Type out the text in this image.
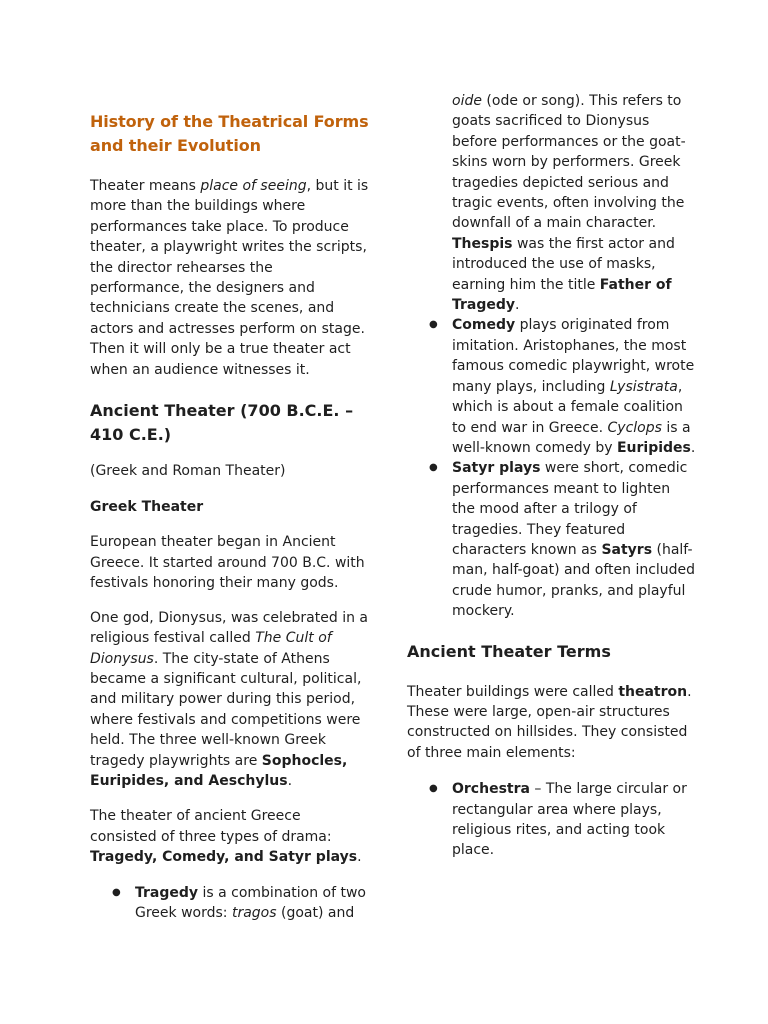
History of the Theatrical Forms
and their Evolution

Theater means place of seeing, but it is more than the buildings where performances take place. To produce theater, a playwright writes the scripts, the director rehearses the performance, the designers and technicians create the scenes, and actors and actresses perform on stage. Then it will only be a true theater act when an audience witnesses it.

Ancient Theater (700 B.C.E. – 410 C.E.)

(Greek and Roman Theater)

Greek Theater

European theater began in Ancient Greece. It started around 700 B.C. with festivals honoring their many gods.

One god, Dionysus, was celebrated in a religious festival called The Cult of Dionysus. The city-state of Athens became a significant cultural, political, and military power during this period, where festivals and competitions were held. The three well-known Greek tragedy playwrights are Sophocles, Euripides, and Aeschylus.

The theater of ancient Greece consisted of three types of drama: Tragedy, Comedy, and Satyr plays.

● Tragedy is a combination of two Greek words: tragos (goat) and

oide (ode or song). This refers to goats sacrificed to Dionysus before performances or the goat-skins worn by performers. Greek tragedies depicted serious and tragic events, often involving the downfall of a main character. Thespis was the first actor and introduced the use of masks, earning him the title Father of Tragedy.

● Comedy plays originated from imitation. Aristophanes, the most famous comedic playwright, wrote many plays, including Lysistrata, which is about a female coalition to end war in Greece. Cyclops is a well-known comedy by Euripides.
● Satyr plays were short, comedic performances meant to lighten the mood after a trilogy of tragedies. They featured characters known as Satyrs (half-man, half-goat) and often included crude humor, pranks, and playful mockery.
Ancient Theater Terms

Theater buildings were called theatron. These were large, open-air structures constructed on hillsides. They consisted of three main elements:

● Orchestra – The large circular or rectangular area where plays, religious rites, and acting took place.
